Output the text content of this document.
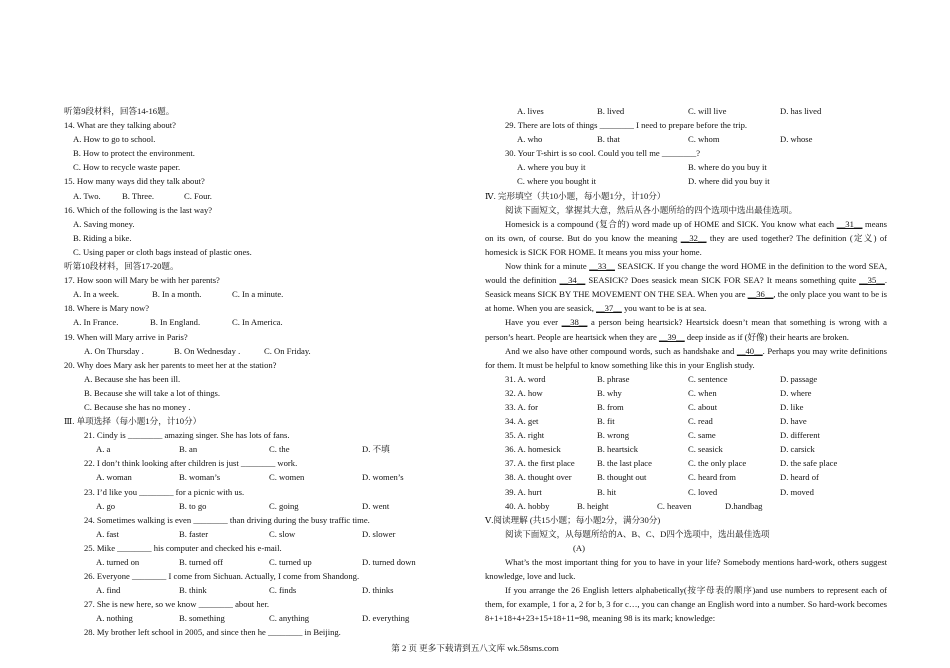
听第9段材料，回答14-16题。
14. What are they talking about?
A. How to go to school.
B. How to protect the environment.
C. How to recycle waste paper.
15. How many ways did they talk about?
A. Two. B. Three.	C. Four.
16. Which of the following is the last way?
A. Saving money.
B. Riding a bike.
C. Using paper or cloth bags instead of plastic ones.
听第10段材料，回答17-20题。
17. How soon will Mary be with her parents?
A. In a week.	B. In a month.	C. In a minute.
18. Where is Mary now?
A. In France.	B. In England.	C. In America.
19. When will Mary arrive in Paris?
A. On Thursday .	B. On Wednesday .	C. On Friday.
20. Why does Mary ask her parents to meet her at the station?
A. Because she has been ill.
B. Because she will take a lot of things.
C. Because she has no money .
Ⅲ. 单项选择（每小题1分，计10分）
21. Cindy is ________ amazing singer. She has lots of fans.
A. a	B. an	C. the	D. 不填
22. I don’t think looking after children is just ________ work.
A. woman	B. woman’s	C. women	D. women’s
23. I’d like you ________ for a picnic with us.
A. go	B. to go	C. going	D. went
24. Sometimes walking is even ________ than driving during the busy traffic time.
A. fast	B. faster	C. slow	D. slower
25. Mike ________ his computer and checked his e-mail.
A. turned on	B. turned off	C. turned up	D. turned down
26. Everyone ________ I come from Sichuan. Actually, I come from Shandong.
A. find	B. think	C. finds	D. thinks
27. She is new here, so we know ________ about her.
A. nothing	B. something	C. anything	D. everything
28. My brother left school in 2005, and since then he ________ in Beijing.
A. lives	B. lived	C. will live	D. has lived
29. There are lots of things ________ I need to prepare before the trip.
A. who	B. that	C. whom	D. whose
30. Your T-shirt is so cool. Could you tell me ________?
A. where you buy it	B. where do you buy it
C. where you bought it	D. where did you buy it
Ⅳ. 完形填空（共10小题，每小题1分，计10分）
阅读下面短文，掌握其大意，然后从各小题所给的四个选项中选出最佳选项。
Homesick is a compound (复合的) word made up of HOME and SICK. You know what each __31__ means on its own, of course. But do you know the meaning __32__ they are used together? The definition (定义) of homesick is SICK FOR HOME. It means you miss your home.
Now think for a minute __33__ SEASICK. If you change the word HOME in the definition to the word SEA, would the definition __34__ SEASICK? Does seasick mean SICK FOR SEA? It means something quite __35__. Seasick means SICK BY THE MOVEMENT ON THE SEA. When you are __36__, the only place you want to be is at home. When you are seasick, __37__ you want to be is at sea.
Have you ever __38__ a person being heartsick? Heartsick doesn’t mean that something is wrong with a person’s heart. People are heartsick when they are __39__ deep inside as if (好像) their hearts are broken.
And we also have other compound words, such as handshake and __40__. Perhaps you may write definitions for them. It must be helpful to know something like this in your English study.
31. A. word	B. phrase	C. sentence	D. passage
32. A. how	B. why	C. when	D. where
33. A. for	B. from	C. about	D. like
34. A. get	B. fit	C. read	D. have
35. A. right	B. wrong	C. same	D. different
36. A. homesick	B. heartsick	C. seasick	D. carsick
37. A. the first place	B. the last place	C. the only place	D. the safe place
38. A. thought over	B. thought out	C. heard from	D. heard of
39. A. hurt	B. hit	C. loved	D. moved
40. A. hobby	B. height	C. heaven	D.handbag
Ⅴ.阅读理解 (共15小题；每小题2分，满分30分)
阅读下面短文，从每题所给的A、B、C、D四个选项中，选出最佳选项
(A)
What’s the most important thing for you to have in your life? Somebody mentions hard-work, others suggest knowledge, love and luck.
If you arrange the 26 English letters alphabetically(按字母表的顺序)and use numbers to represent each of them, for example, 1 for a, 2 for b, 3 for c…, you can change an English word into a number. So hard-work becomes 8+1+18+4+23+15+18+11=98, meaning 98 is its mark; knowledge:
第 2 页 更多下载请到五八文库 wk.58sms.com
